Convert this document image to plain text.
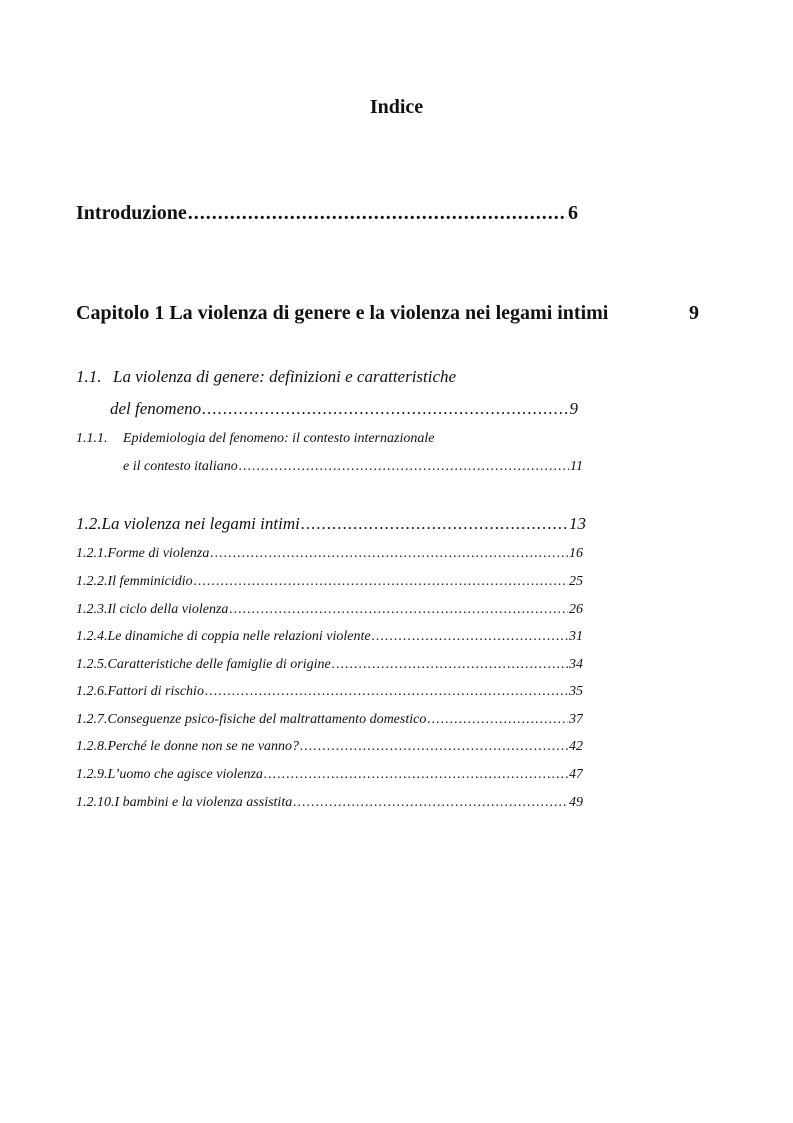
Indice
Introduzione .....	6
Capitolo 1 La violenza di genere e la violenza nei legami intimi	9
1.1. La violenza di genere: definizioni e caratteristiche
del fenomeno .....	9
1.1.1. Epidemiologia del fenomeno: il contesto internazionale
e il contesto italiano .....	11
1.2. La violenza nei legami intimi .....	13
1.2.1. Forme di violenza .....	16
1.2.2. Il femminicidio .....	25
1.2.3. Il ciclo della violenza .....	26
1.2.4. Le dinamiche di coppia nelle relazioni violente .....	31
1.2.5. Caratteristiche delle famiglie di origine .....	34
1.2.6. Fattori di rischio .....	35
1.2.7. Conseguenze psico-fisiche del maltrattamento domestico .....	37
1.2.8. Perché le donne non se ne vanno? .....	42
1.2.9. L’uomo che agisce violenza .....	47
1.2.10. I bambini e la violenza assistita .....	49
